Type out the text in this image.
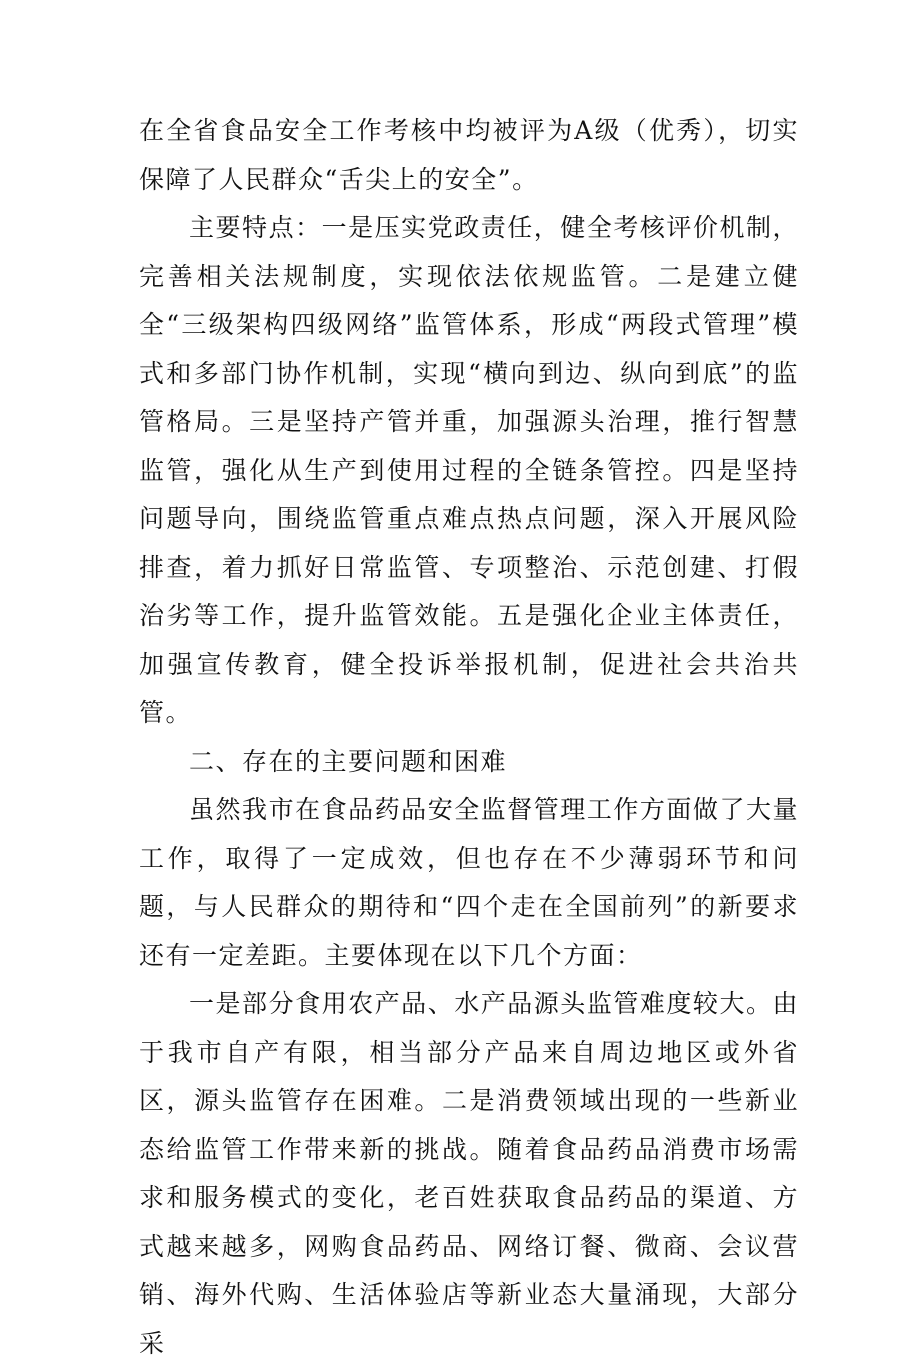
在全省食品安全工作考核中均被评为A级（优秀），切实保障了人民群众“舌尖上的安全”。

主要特点：一是压实党政责任，健全考核评价机制，完善相关法规制度，实现依法依规监管。二是建立健全“三级架构四级网络”监管体系，形成“两段式管理”模式和多部门协作机制，实现“横向到边、纵向到底”的监管格局。三是坚持产管并重，加强源头治理，推行智慧监管，强化从生产到使用过程的全链条管控。四是坚持问题导向，围绕监管重点难点热点问题，深入开展风险排查，着力抓好日常监管、专项整治、示范创建、打假治劣等工作，提升监管效能。五是强化企业主体责任，加强宣传教育，健全投诉举报机制，促进社会共治共管。

二、存在的主要问题和困难

虽然我市在食品药品安全监督管理工作方面做了大量工作，取得了一定成效，但也存在不少薄弱环节和问题，与人民群众的期待和“四个走在全国前列”的新要求还有一定差距。主要体现在以下几个方面：

一是部分食用农产品、水产品源头监管难度较大。由于我市自产有限，相当部分产品来自周边地区或外省区，源头监管存在困难。二是消费领域出现的一些新业态给监管工作带来新的挑战。随着食品药品消费市场需求和服务模式的变化，老百姓获取食品药品的渠道、方式越来越多，网购食品药品、网络订餐、微商、会议营销、海外代购、生活体验店等新业态大量涌现，大部分采
